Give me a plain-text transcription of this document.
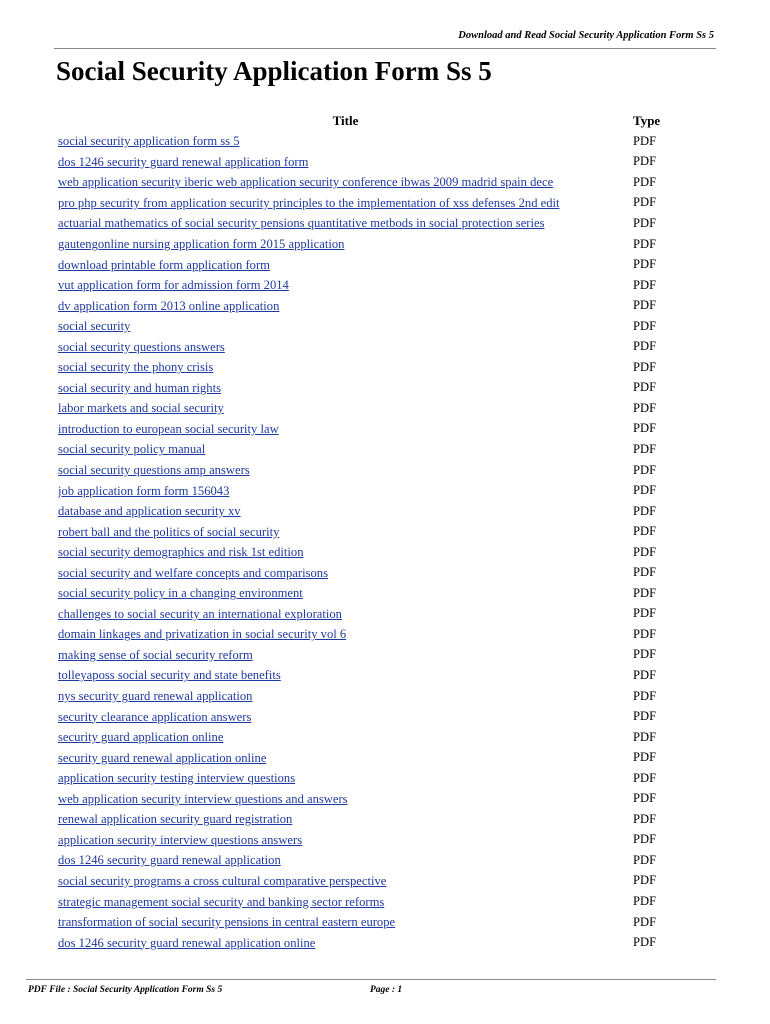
Download and Read Social Security Application Form Ss 5
Social Security Application Form Ss 5
Title	Type
social security application form ss 5	PDF
dos 1246 security guard renewal application form	PDF
web application security iberic web application security conference ibwas 2009 madrid spain dece	PDF
pro php security from application security principles to the implementation of xss defenses 2nd edit	PDF
actuarial mathematics of social security pensions quantitative metbods in social protection series	PDF
gautengonline nursing application form 2015 application	PDF
download printable form application form	PDF
vut application form for admission form 2014	PDF
dv application form 2013 online application	PDF
social security	PDF
social security questions answers	PDF
social security the phony crisis	PDF
social security and human rights	PDF
labor markets and social security	PDF
introduction to european social security law	PDF
social security policy manual	PDF
social security questions amp answers	PDF
job application form form 156043	PDF
database and application security xv	PDF
robert ball and the politics of social security	PDF
social security demographics and risk 1st edition	PDF
social security and welfare concepts and comparisons	PDF
social security policy in a changing environment	PDF
challenges to social security an international exploration	PDF
domain linkages and privatization in social security vol 6	PDF
making sense of social security reform	PDF
tolleyaposs social security and state benefits	PDF
nys security guard renewal application	PDF
security clearance application answers	PDF
security guard application online	PDF
security guard renewal application online	PDF
application security testing interview questions	PDF
web application security interview questions and answers	PDF
renewal application security guard registration	PDF
application security interview questions answers	PDF
dos 1246 security guard renewal application	PDF
social security programs a cross cultural comparative perspective	PDF
strategic management social security and banking sector reforms	PDF
transformation of social security pensions in central eastern europe	PDF
dos 1246 security guard renewal application online	PDF
PDF File : Social Security Application Form Ss 5	Page : 1
